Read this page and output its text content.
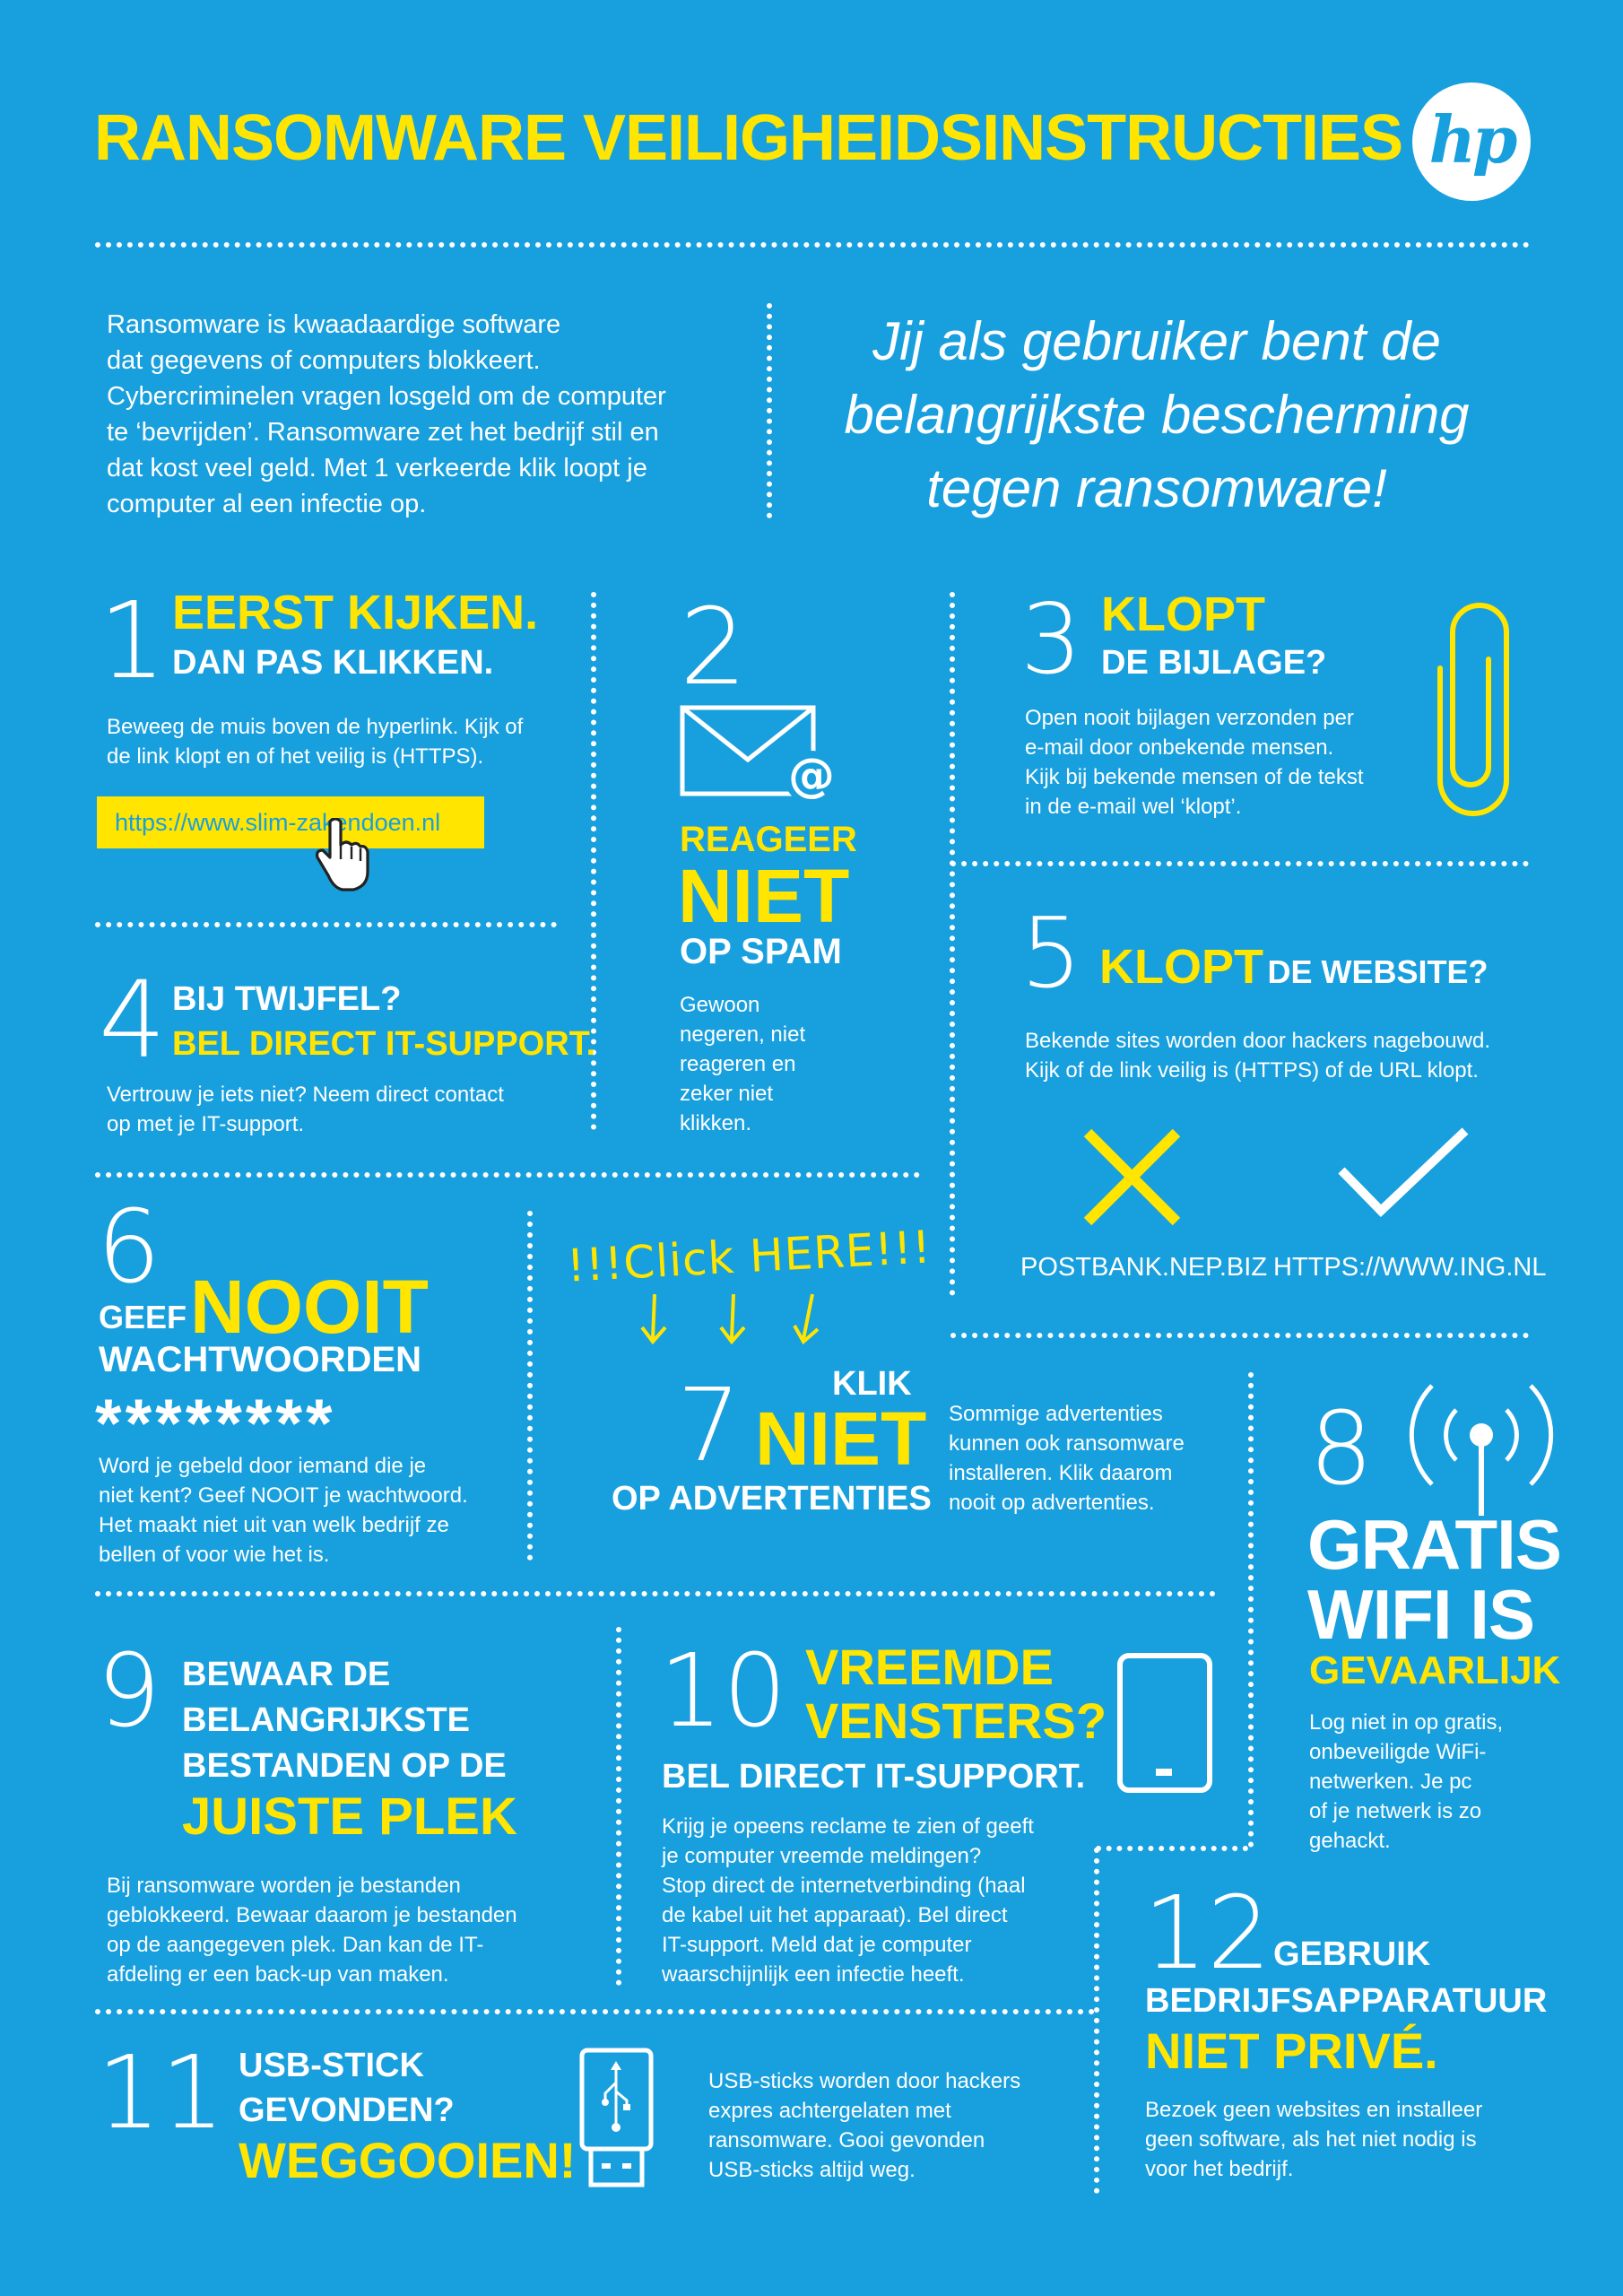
RANSOMWARE VEILIGHEIDSINSTRUCTIES hp
Ransomware is kwaadaardige software
dat gegevens of computers blokkeert.
Cybercriminelen vragen losgeld om de computer
te ‘bevrijden’. Ransomware zet het bedrijf stil en
dat kost veel geld. Met 1 verkeerde klik loopt je
computer al een infectie op.
Jij als gebruiker bent de
belangrijkste bescherming
tegen ransomware!
1 EERST KIJKEN.
DAN PAS KLIKKEN.
Beweeg de muis boven de hyperlink. Kijk of
de link klopt en of het veilig is (HTTPS).
https://www.slim-zakendoen.nl
4 BIJ TWIJFEL?
BEL DIRECT IT-SUPPORT.
Vertrouw je iets niet? Neem direct contact
op met je IT-support.
2
@
REAGEER
NIET
OP SPAM
Gewoon
negeren, niet
reageren en
zeker niet
klikken.
3 KLOPT
DE BIJLAGE?
Open nooit bijlagen verzonden per
e-mail door onbekende mensen.
Kijk bij bekende mensen of de tekst
in de e-mail wel ‘klopt’.
5 KLOPT DE WEBSITE?
Bekende sites worden door hackers nagebouwd.
Kijk of de link veilig is (HTTPS) of de URL klopt.
POSTBANK.NEP.BIZ HTTPS://WWW.ING.NL
6
GEEF NOOIT
WACHTWOORDEN
********
Word je gebeld door iemand die je
niet kent? Geef NOOIT je wachtwoord.
Het maakt niet uit van welk bedrijf ze
bellen of voor wie het is.
!!!Click HERE!!!
7	KLIK
NIET
OP ADVERTENTIES
Sommige advertenties
kunnen ook ransomware
installeren. Klik daarom
nooit op advertenties. 8
GRATIS
WIFI IS
GEVAARLIJK
Log niet in op gratis,
onbeveiligde WiFi-
netwerken. Je pc
of je netwerk is zo
gehackt.
9 BEWAAR DE
BELANGRIJKSTE
BESTANDEN OP DE
JUISTE PLEK
Bij ransomware worden je bestanden
geblokkeerd. Bewaar daarom je bestanden
op de aangegeven plek. Dan kan de IT-
afdeling er een back-up van maken.
10 VREEMDE
VENSTERS?
BEL DIRECT IT-SUPPORT.
Krijg je opeens reclame te zien of geeft
je computer vreemde meldingen?
Stop direct de internetverbinding (haal
de kabel uit het apparaat). Bel direct
IT-support. Meld dat je computer
waarschijnlijk een infectie heeft.
11 USB-STICK
GEVONDEN?
WEGGOOIEN!
USB-sticks worden door hackers
expres achtergelaten met
ransomware. Gooi gevonden
USB-sticks altijd weg.
12 GEBRUIK
BEDRIJFSAPPARATUUR
NIET PRIVÉ.
Bezoek geen websites en installeer
geen software, als het niet nodig is
voor het bedrijf.
